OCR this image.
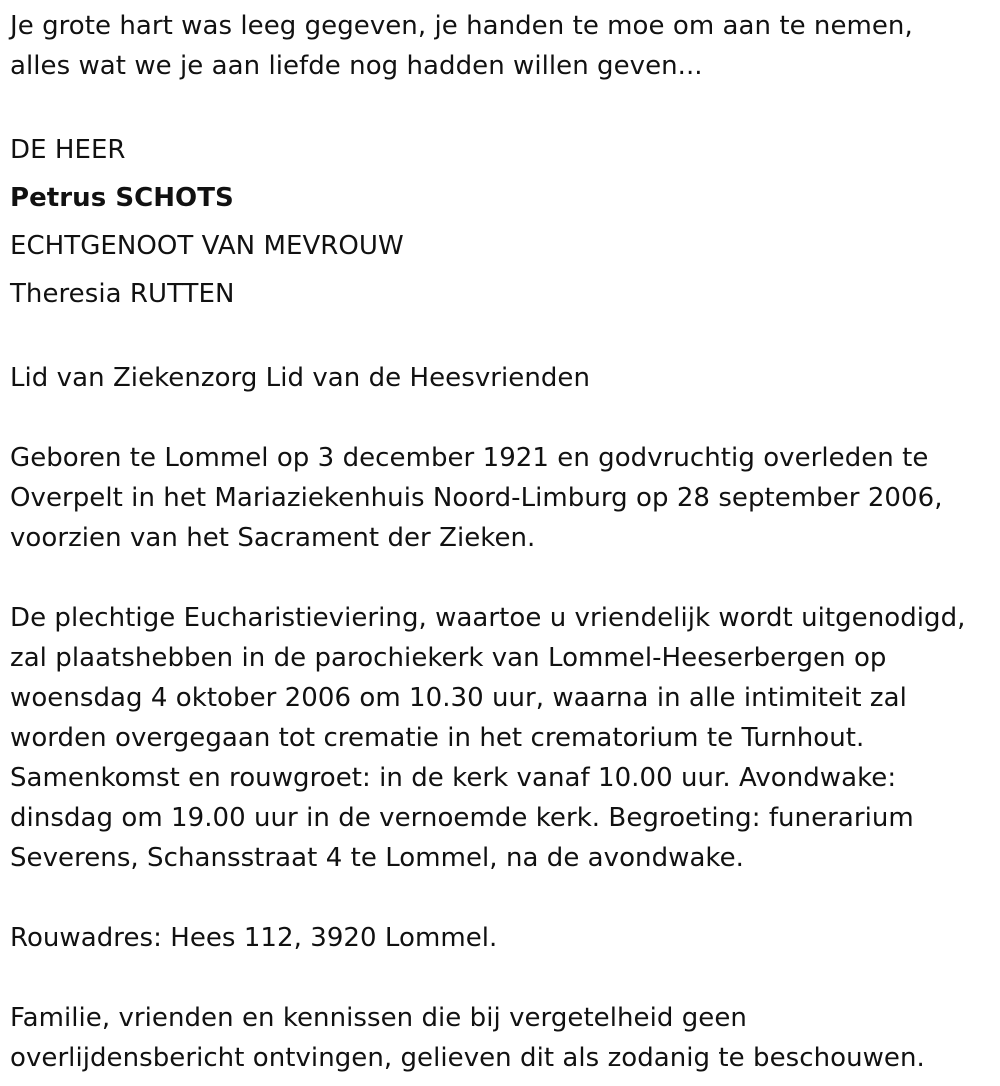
Je grote hart was leeg gegeven, je handen te moe om aan te nemen,
alles wat we je aan liefde nog hadden willen geven...
DE HEER
Petrus SCHOTS
ECHTGENOOT VAN MEVROUW
Theresia RUTTEN
Lid van Ziekenzorg Lid van de Heesvrienden
Geboren te Lommel op 3 december 1921 en godvruchtig overleden te
Overpelt in het Mariaziekenhuis Noord-Limburg op 28 september 2006,
voorzien van het Sacrament der Zieken.
De plechtige Eucharistieviering, waartoe u vriendelijk wordt uitgenodigd,
zal plaatshebben in de parochiekerk van Lommel-Heeserbergen op
woensdag 4 oktober 2006 om 10.30 uur, waarna in alle intimiteit zal
worden overgegaan tot crematie in het crematorium te Turnhout.
Samenkomst en rouwgroet: in de kerk vanaf 10.00 uur. Avondwake:
dinsdag om 19.00 uur in de vernoemde kerk. Begroeting: funerarium
Severens, Schansstraat 4 te Lommel, na de avondwake.
Rouwadres: Hees 112, 3920 Lommel.
Familie, vrienden en kennissen die bij vergetelheid geen
overlijdensbericht ontvingen, gelieven dit als zodanig te beschouwen.
